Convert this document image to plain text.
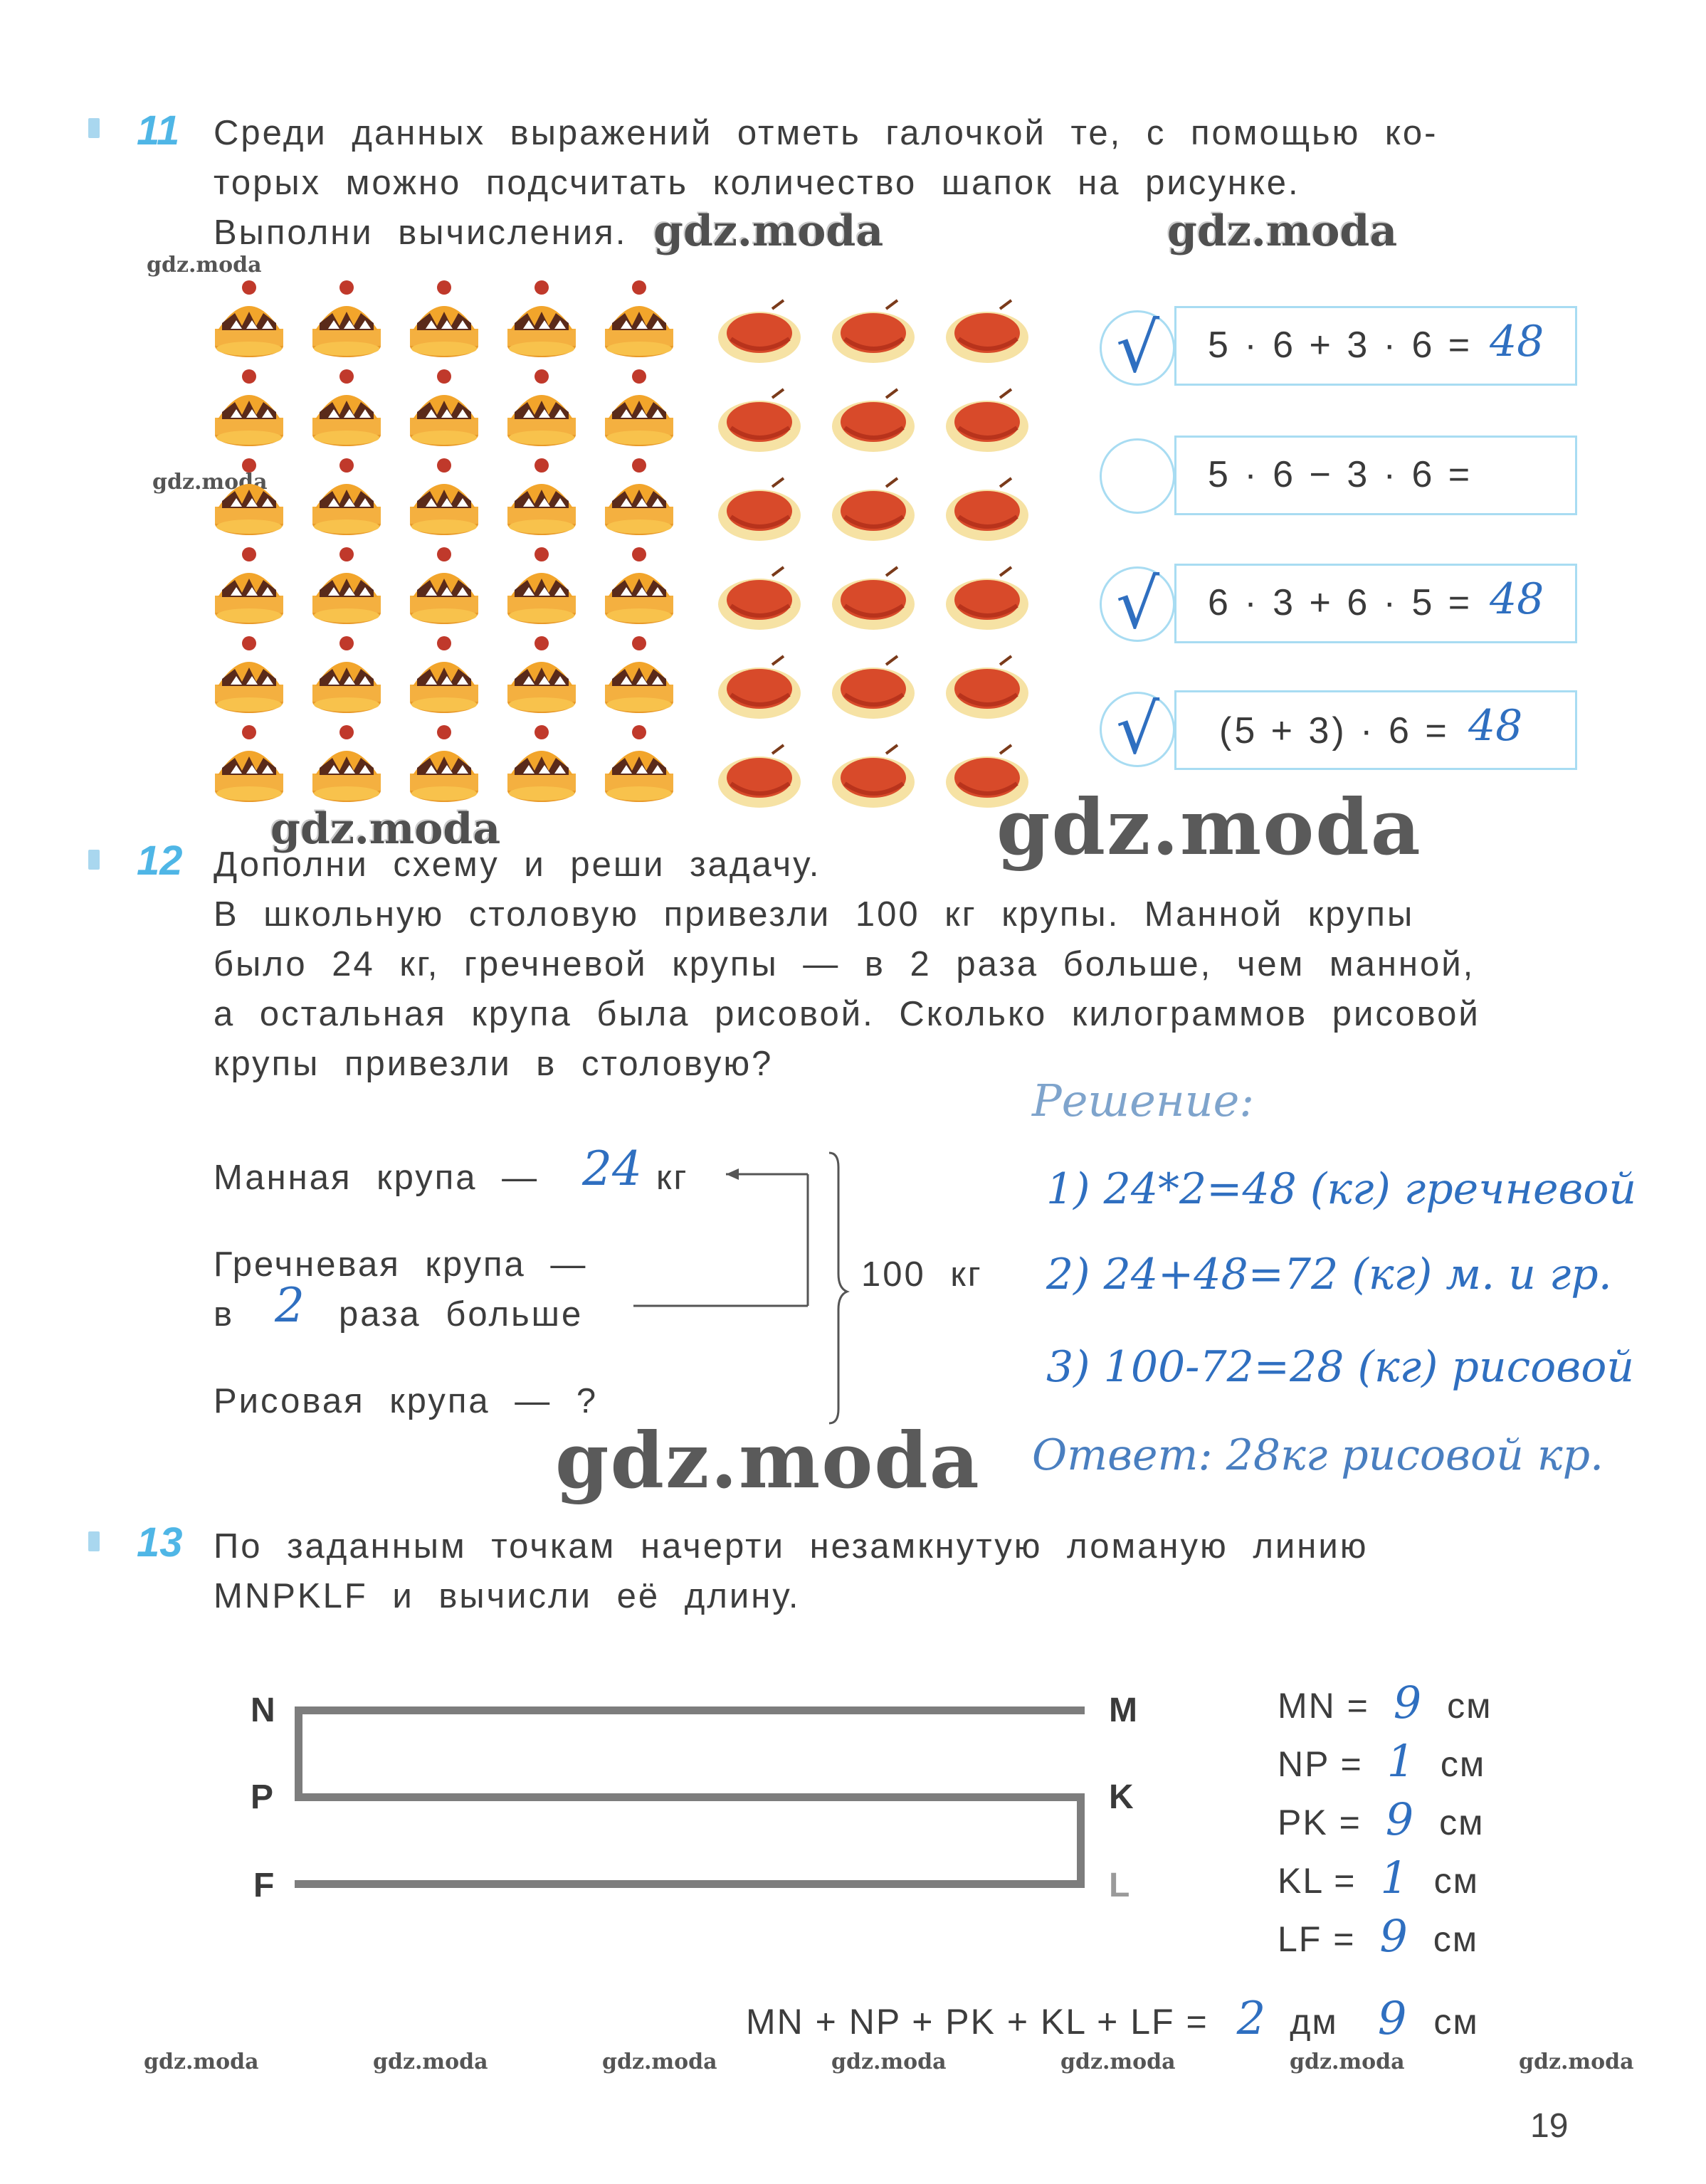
11 Среди данных выражений отметь галочкой те, с помощью ко-
торых можно подсчитать количество шапок на рисунке.
Выполни вычисления. gdz.moda	gdz.moda
gdz.moda
gdz.moda
√ 5 · 6 + 3 · 6 = 48
5 · 6 − 3 · 6 =
√ 6 · 3 + 6 · 5 = 48
√ (5 + 3) · 6 = 48
gdz.moda	gdz.moda
12 Дополни схему и реши задачу.
В школьную столовую привезли 100 кг крупы. Манной крупы
было 24 кг, гречневой крупы — в 2 раза больше, чем манной,
а остальная крупа была рисовой. Сколько килограммов рисовой
крупы привезли в столовую?
Манная крупа — 24 кг
Гречневая крупа —
в 2 раза больше
Рисовая крупа — ?
100 кг
Решение:
1) 24*2=48 (кг) гречневой
2) 24+48=72 (кг) м. и гр.
3) 100-72=28 (кг) рисовой
Ответ: 28кг рисовой кр.
gdz.moda
13 По заданным точкам начерти незамкнутую ломаную линию
MNPKLF и вычисли её длину.
N	M
P	K
F	L
MN = 9 см
NP = 1 см
PK = 9 см
KL = 1 см
LF = 9 см
MN + NP + PK + KL + LF = 2 дм 9 см
gdz.moda	gdz.moda	gdz.moda	gdz.moda	gdz.moda	gdz.moda	gdz.moda
19
